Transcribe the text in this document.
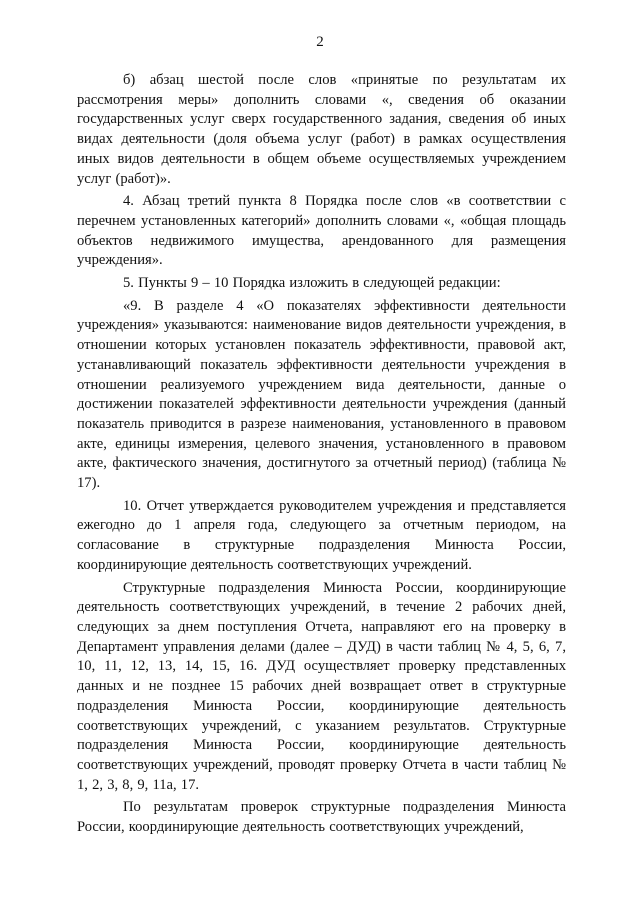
2

б) абзац шестой после слов «принятые по результатам их рассмотрения меры» дополнить словами «, сведения об оказании государственных услуг сверх государственного задания, сведения об иных видах деятельности (доля объема услуг (работ) в рамках осуществления иных видов деятельности в общем объеме осуществляемых учреждением услуг (работ)».

4. Абзац третий пункта 8 Порядка после слов «в соответствии с перечнем установленных категорий» дополнить словами «, «общая площадь объектов недвижимого имущества, арендованного для размещения учреждения».

5. Пункты 9 – 10 Порядка изложить в следующей редакции:

«9. В разделе 4 «О показателях эффективности деятельности учреждения» указываются: наименование видов деятельности учреждения, в отношении которых установлен показатель эффективности, правовой акт, устанавливающий показатель эффективности деятельности учреждения в отношении реализуемого учреждением вида деятельности, данные о достижении показателей эффективности деятельности учреждения (данный показатель приводится в разрезе наименования, установленного в правовом акте, единицы измерения, целевого значения, установленного в правовом акте, фактического значения, достигнутого за отчетный период) (таблица № 17).

10. Отчет утверждается руководителем учреждения и представляется ежегодно до 1 апреля года, следующего за отчетным периодом, на согласование в структурные подразделения Минюста России, координирующие деятельность соответствующих учреждений.

Структурные подразделения Минюста России, координирующие деятельность соответствующих учреждений, в течение 2 рабочих дней, следующих за днем поступления Отчета, направляют его на проверку в Департамент управления делами (далее – ДУД) в части таблиц № 4, 5, 6, 7, 10, 11, 12, 13, 14, 15, 16. ДУД осуществляет проверку представленных данных и не позднее 15 рабочих дней возвращает ответ в структурные подразделения Минюста России, координирующие деятельность соответствующих учреждений, с указанием результатов. Структурные подразделения Минюста России, координирующие деятельность соответствующих учреждений, проводят проверку Отчета в части таблиц № 1, 2, 3, 8, 9, 11а, 17.

По результатам проверок структурные подразделения Минюста России, координирующие деятельность соответствующих учреждений,
